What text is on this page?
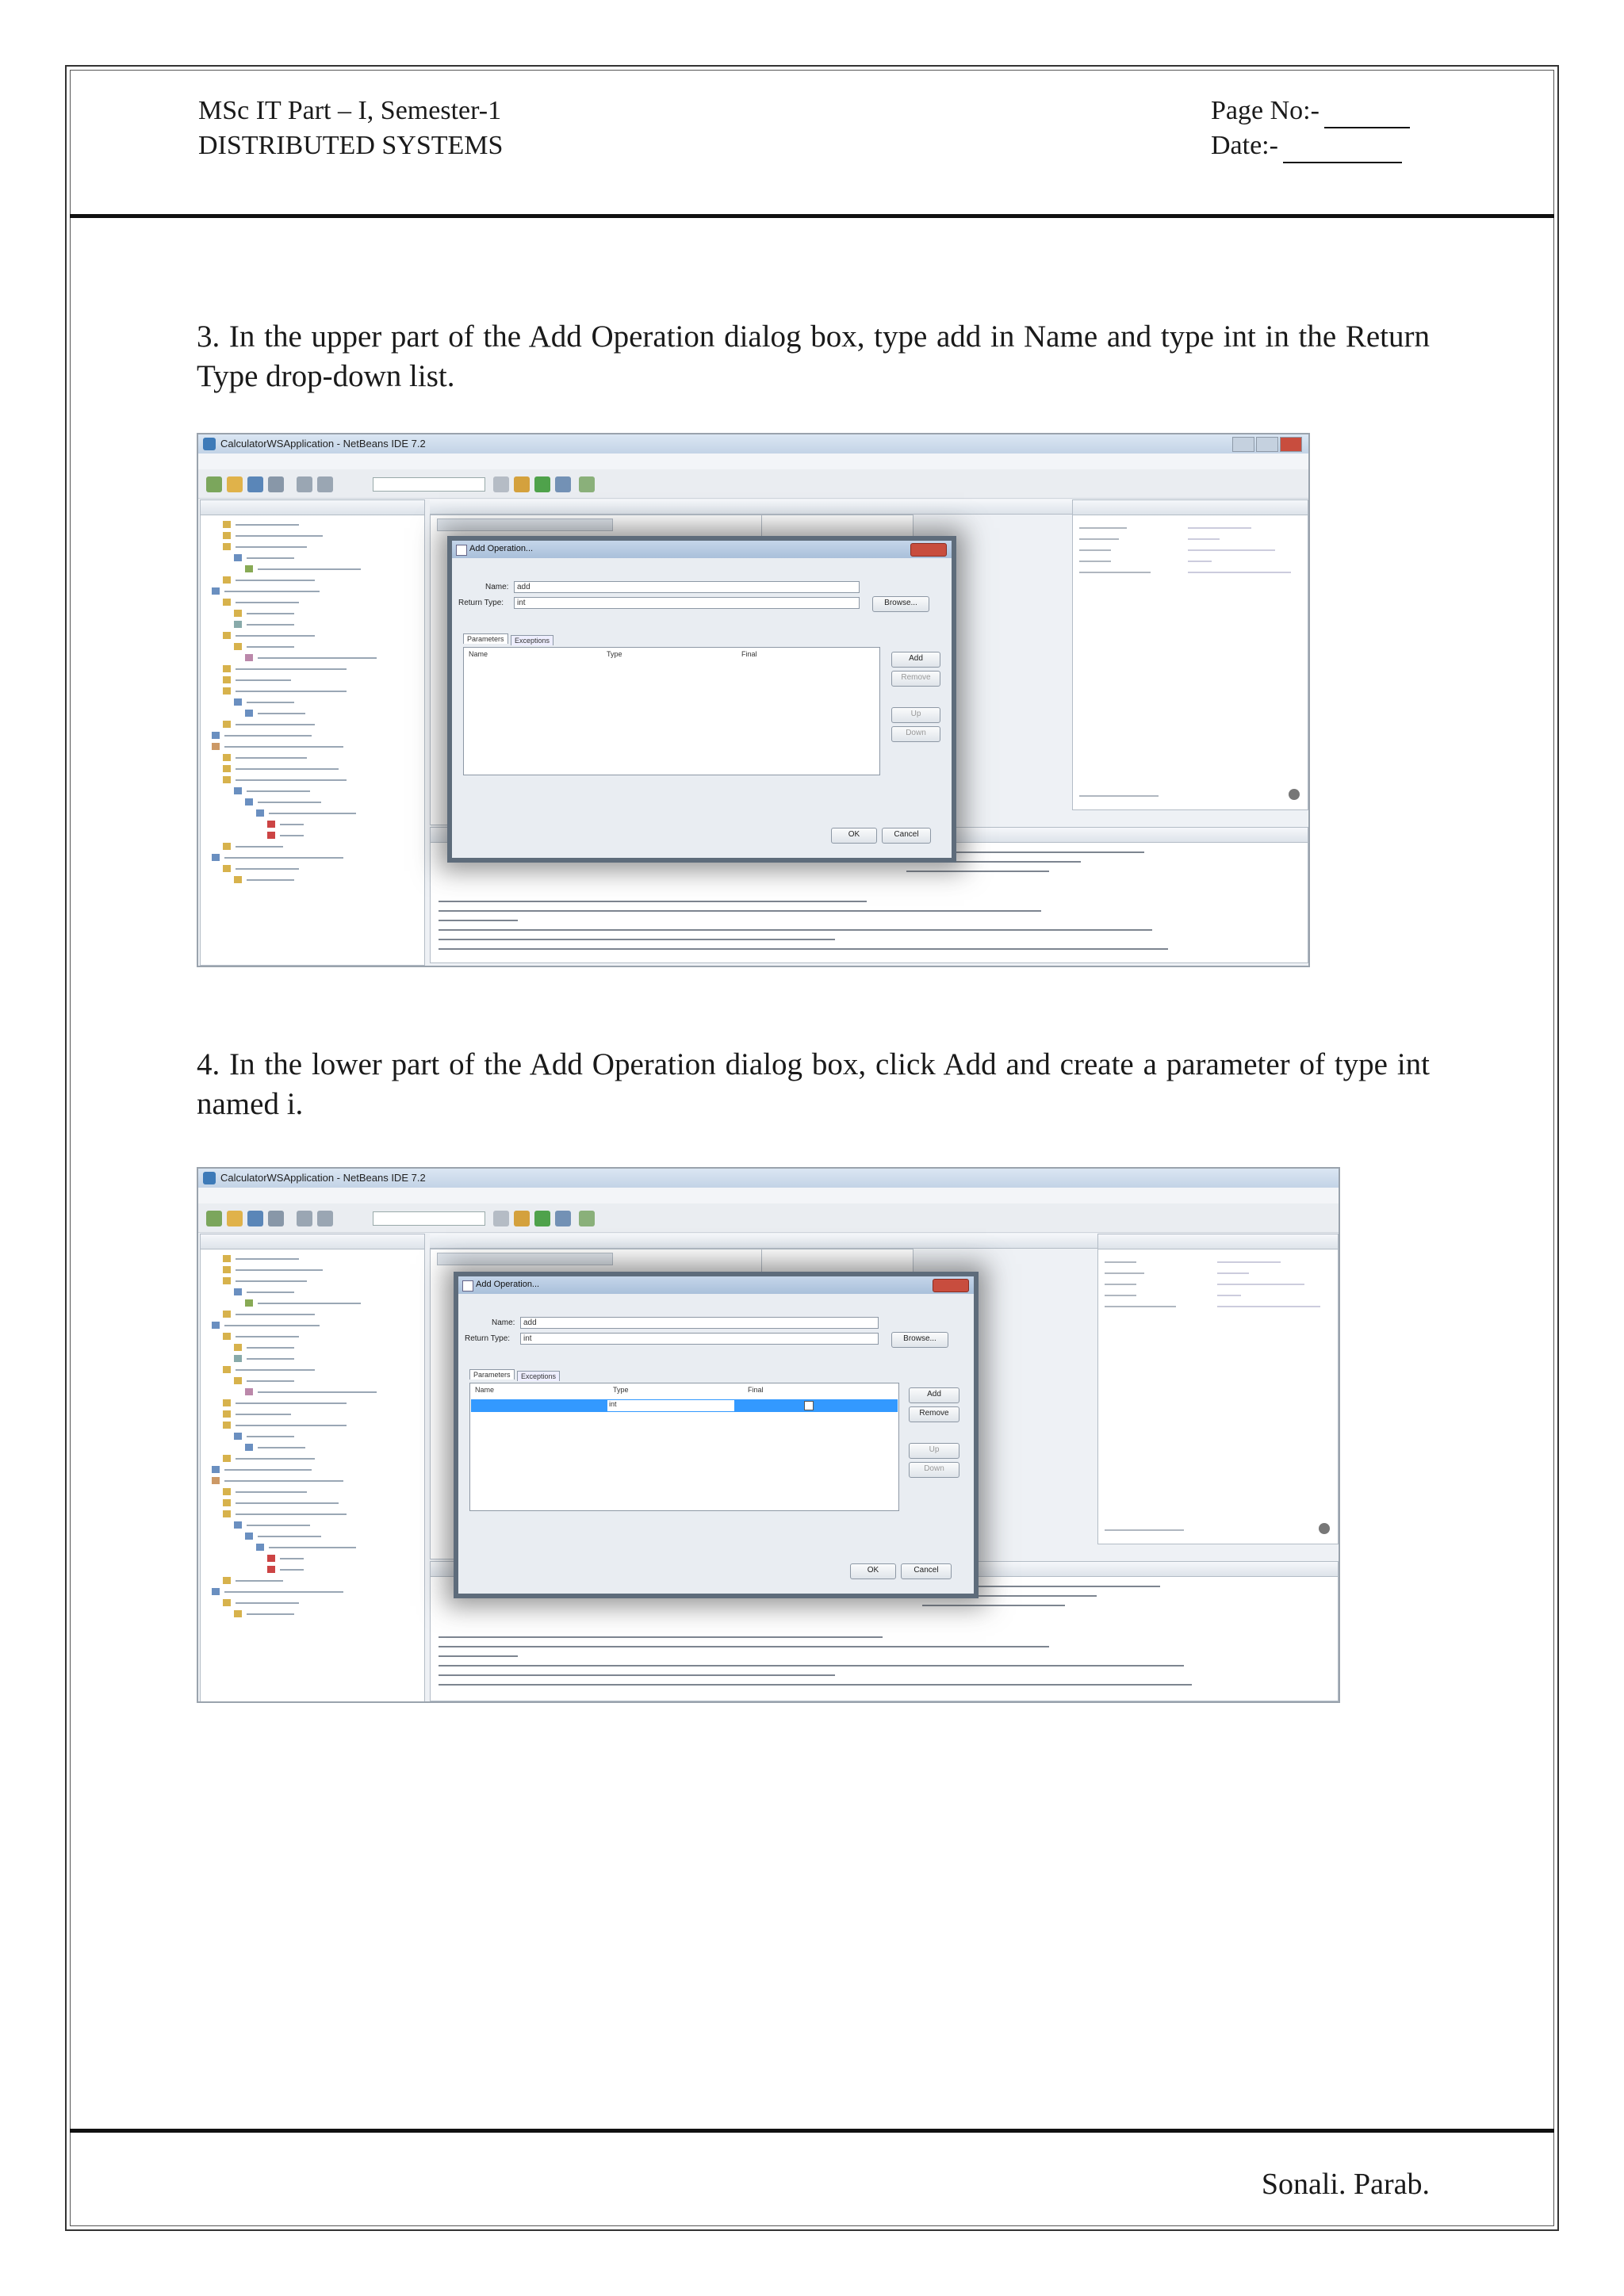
MSc IT Part – I, Semester-1
DISTRIBUTED SYSTEMS
Page No:-
Date:-
3. In the upper part of the Add Operation dialog box, type add in Name and type int in the Return Type drop-down list.
CalculatorWSApplication - NetBeans IDE 7.2
Add Operation...
Name:	add
Return Type:	int	Browse...
Parameters	Exceptions
Name	Type	Final	Add
Remove
Up
Down
OK	Cancel
4. In the lower part of the Add Operation dialog box, click Add and create a parameter of type int named i.
CalculatorWSApplication - NetBeans IDE 7.2
Add Operation...
Name:	add
Return Type:	int	Browse...
Parameters	Exceptions
Name	Type	Final
int
Add
Remove
Up
Down
OK	Cancel
Sonali. Parab.
